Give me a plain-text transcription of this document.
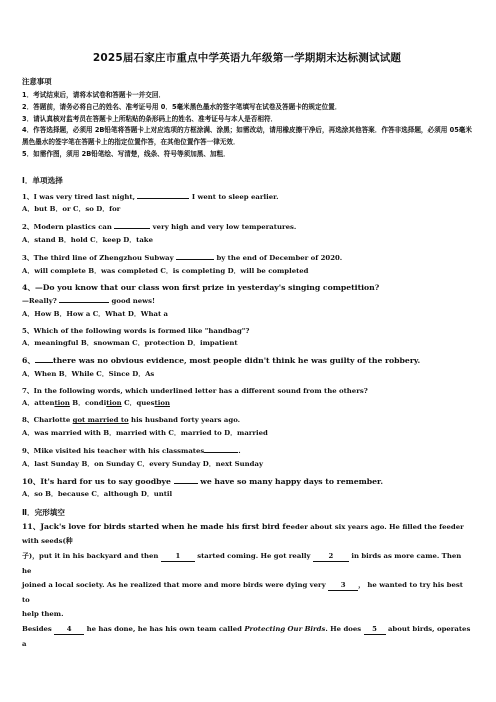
2025届石家庄市重点中学英语九年级第一学期期末达标测试试题
注意事项

1．考试结束后，请将本试卷和答题卡一并交回．

2．答题前，请务必将自己的姓名、准考证号用 0．5毫米黑色墨水的签字笔填写在试卷及答题卡的规定位置．

3．请认真核对监考员在答题卡上所粘贴的条形码上的姓名、准考证号与本人是否相符．

4．作答选择题，必须用 2B铅笔将答题卡上对应选项的方框涂满、涂黑；如需改动，请用橡皮擦干净后，再选涂其他答案．作答非选择题，必须用 05毫米黑色墨水的签字笔在答题卡上的指定位置作答，在其他位置作答一律无效．

5．如需作图，须用 2B铅笔绘、写清楚，线条、符号等须加黑、加粗．

Ⅰ．单项选择

1、I was very tired last night,	I went to sleep earlier.

A．but B．or C．so D．for

2、Modern plastics can	very high and very low temperatures.

A．stand B．hold C．keep D．take

3、The third line of Zhengzhou Subway	by the end of December of 2020.

A．will complete B．was completed C．is completing D．will be completed

4、—Do you know that our class won first prize in yesterday's singing competition?

—Really?	good news!

A．How B．How a C．What D．What a

5、Which of the following words is formed like "handbag"?

A．meaningful B．snowman C．protection D．impatient

6、 there was no obvious evidence, most people didn't think he was guilty of the robbery.

A．When B．While C．Since D．As

7、In the following words, which underlined letter has a different sound from the others?

A．attention B．condition C．question

8、Charlotte got married to his husband forty years ago.

A．was married with B．married with C．married to D．married

9、Mike visited his teacher with his classmates	.

A．last Sunday B．on Sunday C．every Sunday D．next Sunday

10、It's hard for us to say goodbye	we have so many happy days to remember.

A．so B．because C．although D．until

Ⅱ．完形填空

11、Jack's love for birds started when he made his first bird feeder about six years ago. He filled the feeder with seeds(种

子)，put it in his backyard and then 1 started coming. He got really 2 in birds as more came. Then he

joined a local society. As he realized that more and more birds were dying very 3 ， he wanted to try his best to

help them.

Besides 4 he has done, he has his own team called Protecting Our Birds. He does 5 about birds, operates a
